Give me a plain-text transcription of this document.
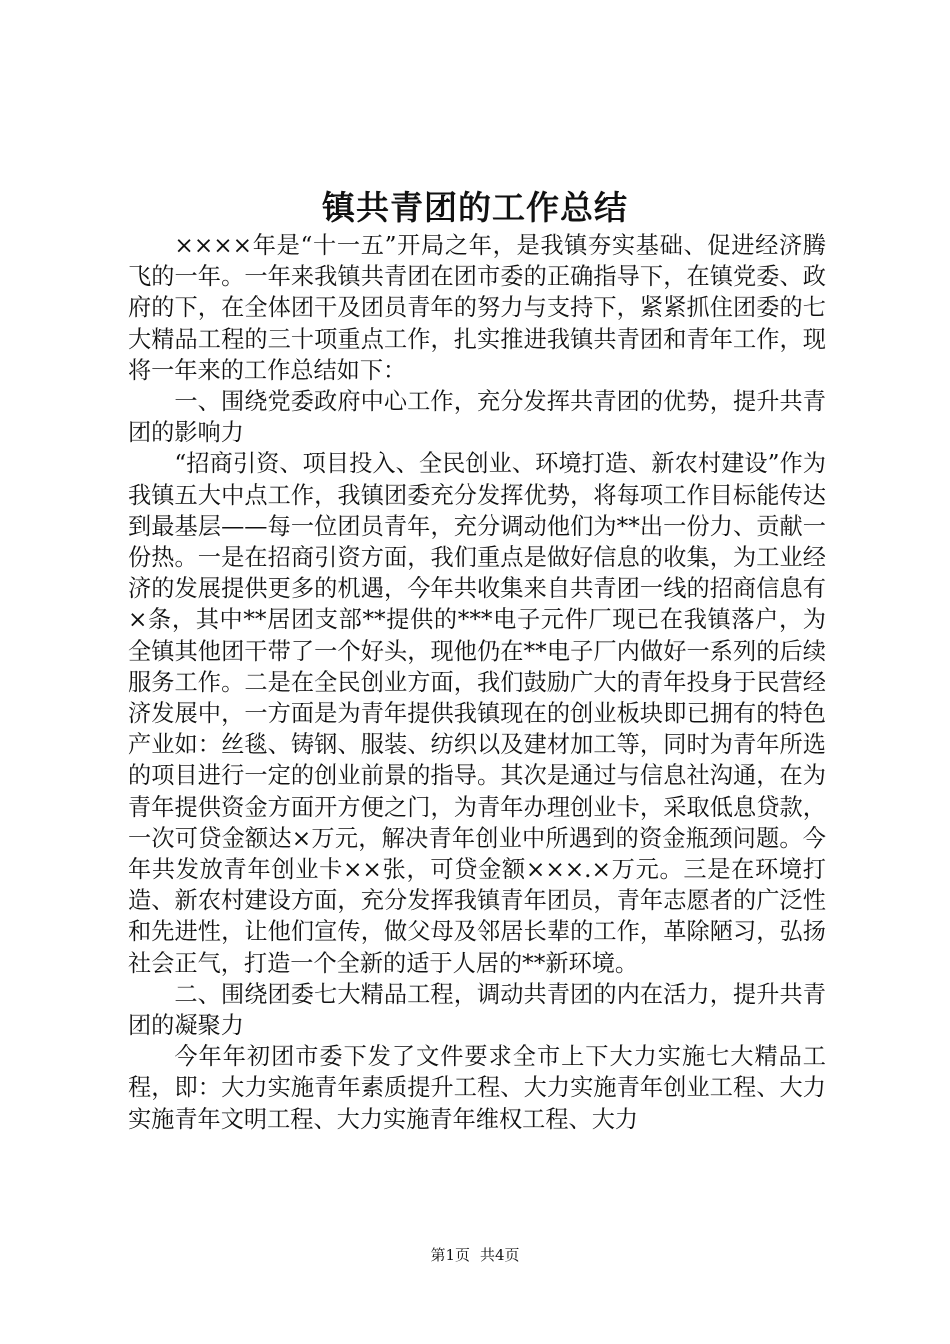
镇共青团的工作总结

××××年是“十一五”开局之年，是我镇夯实基础、促进经济腾飞的一年。一年来我镇共青团在团市委的正确指导下，在镇党委、政府的下，在全体团干及团员青年的努力与支持下，紧紧抓住团委的七大精品工程的三十项重点工作，扎实推进我镇共青团和青年工作，现将一年来的工作总结如下：

一、围绕党委政府中心工作，充分发挥共青团的优势，提升共青团的影响力

“招商引资、项目投入、全民创业、环境打造、新农村建设”作为我镇五大中点工作，我镇团委充分发挥优势，将每项工作目标能传达到最基层——每一位团员青年，充分调动他们为**出一份力、贡献一份热。一是在招商引资方面，我们重点是做好信息的收集，为工业经济的发展提供更多的机遇，今年共收集来自共青团一线的招商信息有×条，其中**居团支部**提供的***电子元件厂现已在我镇落户，为全镇其他团干带了一个好头，现他仍在**电子厂内做好一系列的后续服务工作。二是在全民创业方面，我们鼓励广大的青年投身于民营经济发展中，一方面是为青年提供我镇现在的创业板块即已拥有的特色产业如：丝毯、铸钢、服装、纺织以及建材加工等，同时为青年所选的项目进行一定的创业前景的指导。其次是通过与信息社沟通，在为青年提供资金方面开方便之门，为青年办理创业卡，采取低息贷款，一次可贷金额达×万元，解决青年创业中所遇到的资金瓶颈问题。今年共发放青年创业卡××张，可贷金额×××.×万元。三是在环境打造、新农村建设方面，充分发挥我镇青年团员，青年志愿者的广泛性和先进性，让他们宣传，做父母及邻居长辈的工作，革除陋习，弘扬社会正气，打造一个全新的适于人居的**新环境。

二、围绕团委七大精品工程，调动共青团的内在活力，提升共青团的凝聚力

今年年初团市委下发了文件要求全市上下大力实施七大精品工程，即：大力实施青年素质提升工程、大力实施青年创业工程、大力实施青年文明工程、大力实施青年维权工程、大力

第1页 共4页
